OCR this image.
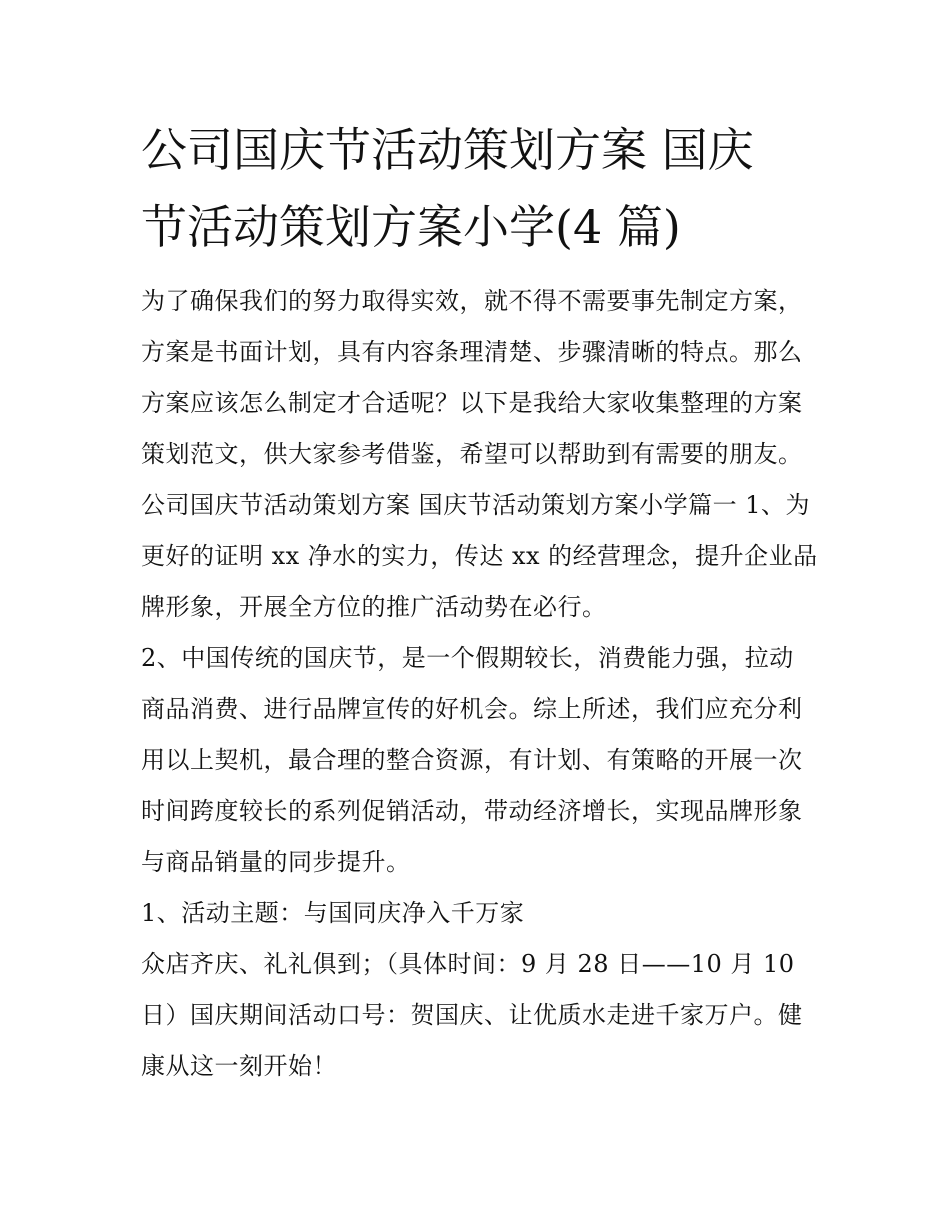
公司国庆节活动策划方案 国庆
节活动策划方案小学(4 篇)

为了确保我们的努力取得实效，就不得不需要事先制定方案，
方案是书面计划，具有内容条理清楚、步骤清晰的特点。那么
方案应该怎么制定才合适呢？以下是我给大家收集整理的方案
策划范文，供大家参考借鉴，希望可以帮助到有需要的朋友。
公司国庆节活动策划方案 国庆节活动策划方案小学篇一 1、为
更好的证明 xx 净水的实力，传达 xx 的经营理念，提升企业品
牌形象，开展全方位的推广活动势在必行。

2、中国传统的国庆节，是一个假期较长，消费能力强，拉动
商品消费、进行品牌宣传的好机会。综上所述，我们应充分利
用以上契机，最合理的整合资源，有计划、有策略的开展一次
时间跨度较长的系列促销活动，带动经济增长，实现品牌形象
与商品销量的同步提升。

1、活动主题：与国同庆净入千万家

众店齐庆、礼礼俱到；（具体时间：9 月 28 日——10 月 10
日）国庆期间活动口号：贺国庆、让优质水走进千家万户。健
康从这一刻开始！
